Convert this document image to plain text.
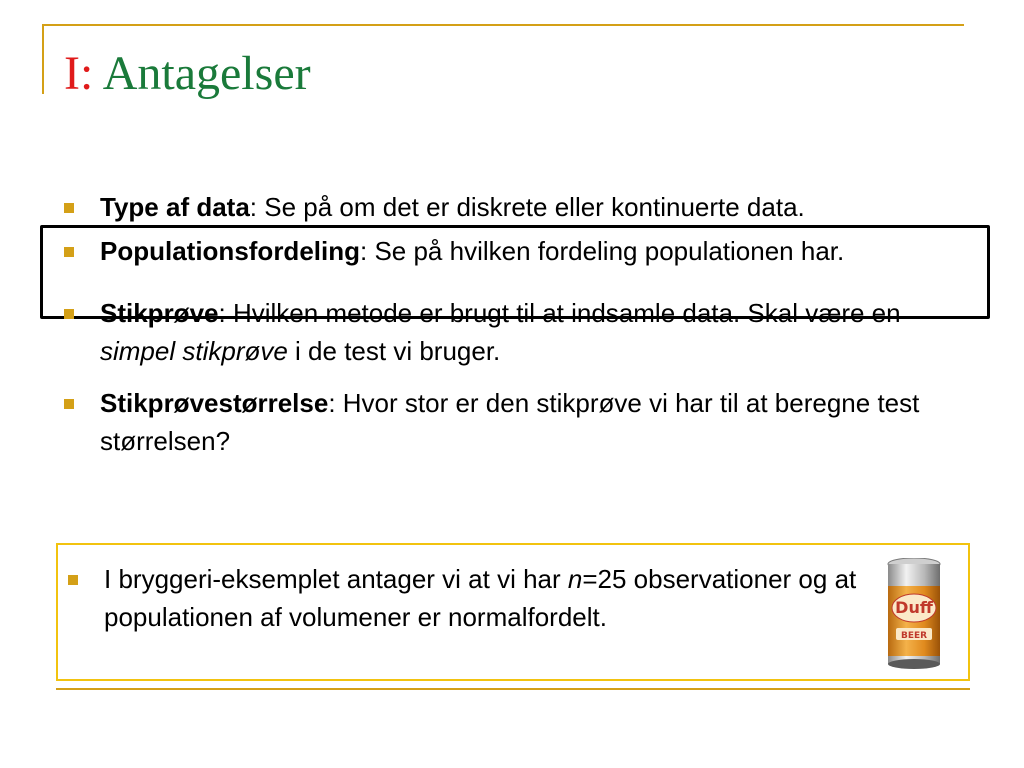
I: Antagelser
Type af data: Se på om det er diskrete eller kontinuerte data.
Populationsfordeling: Se på hvilken fordeling populationen har.
Stikprøve: Hvilken metode er brugt til at indsamle data. Skal være en simpel stikprøve i de test vi bruger.
Stikprøvestørrelse: Hvor stor er den stikprøve vi har til at beregne test størrelsen?
I bryggeri-eksemplet antager vi at vi har n=25 observationer og at populationen af volumener er normalfordelt.	Duff
BEER
